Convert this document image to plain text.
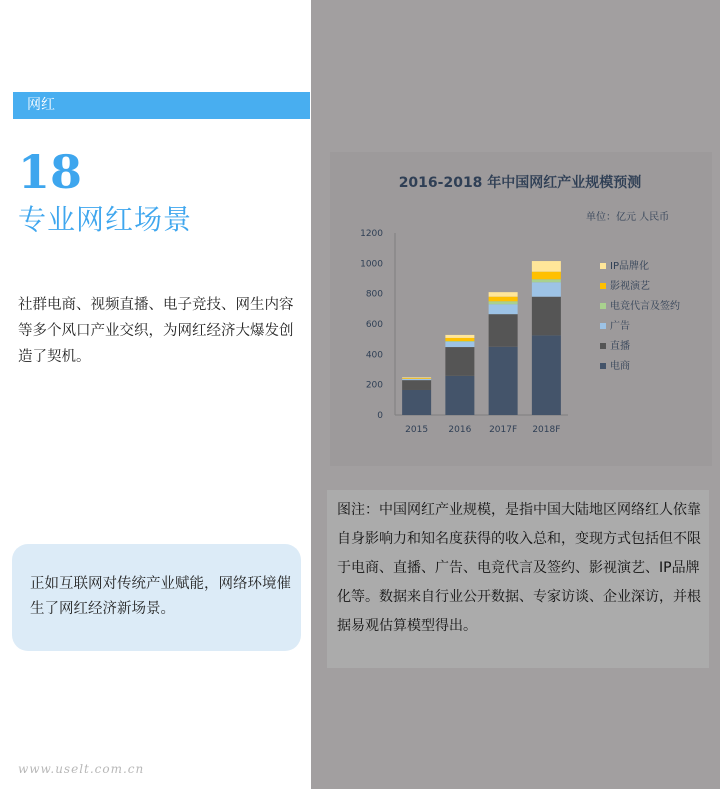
网红
18
专业网红场景
社群电商、视频直播、电子竞技、网生内容等多个风口产业交织，为网红经济大爆发创造了契机。
正如互联网对传统产业赋能，网络环境催生了网红经济新场景。
www.uselt.com.cn
2016-2018 年中国网红产业规模预测
单位：亿元 人民币
0
200
400
600
800
1000
1200
2015 2016 2017F 2018F
IP品牌化
影视演艺
电竞代言及签约
广告
直播
电商
图注：中国网红产业规模，是指中国大陆地区网络红人依靠自身影响力和知名度获得的收入总和，变现方式包括但不限于电商、直播、广告、电竞代言及签约、影视演艺、IP品牌化等。数据来自行业公开数据、专家访谈、企业深访，并根据易观估算模型得出。
